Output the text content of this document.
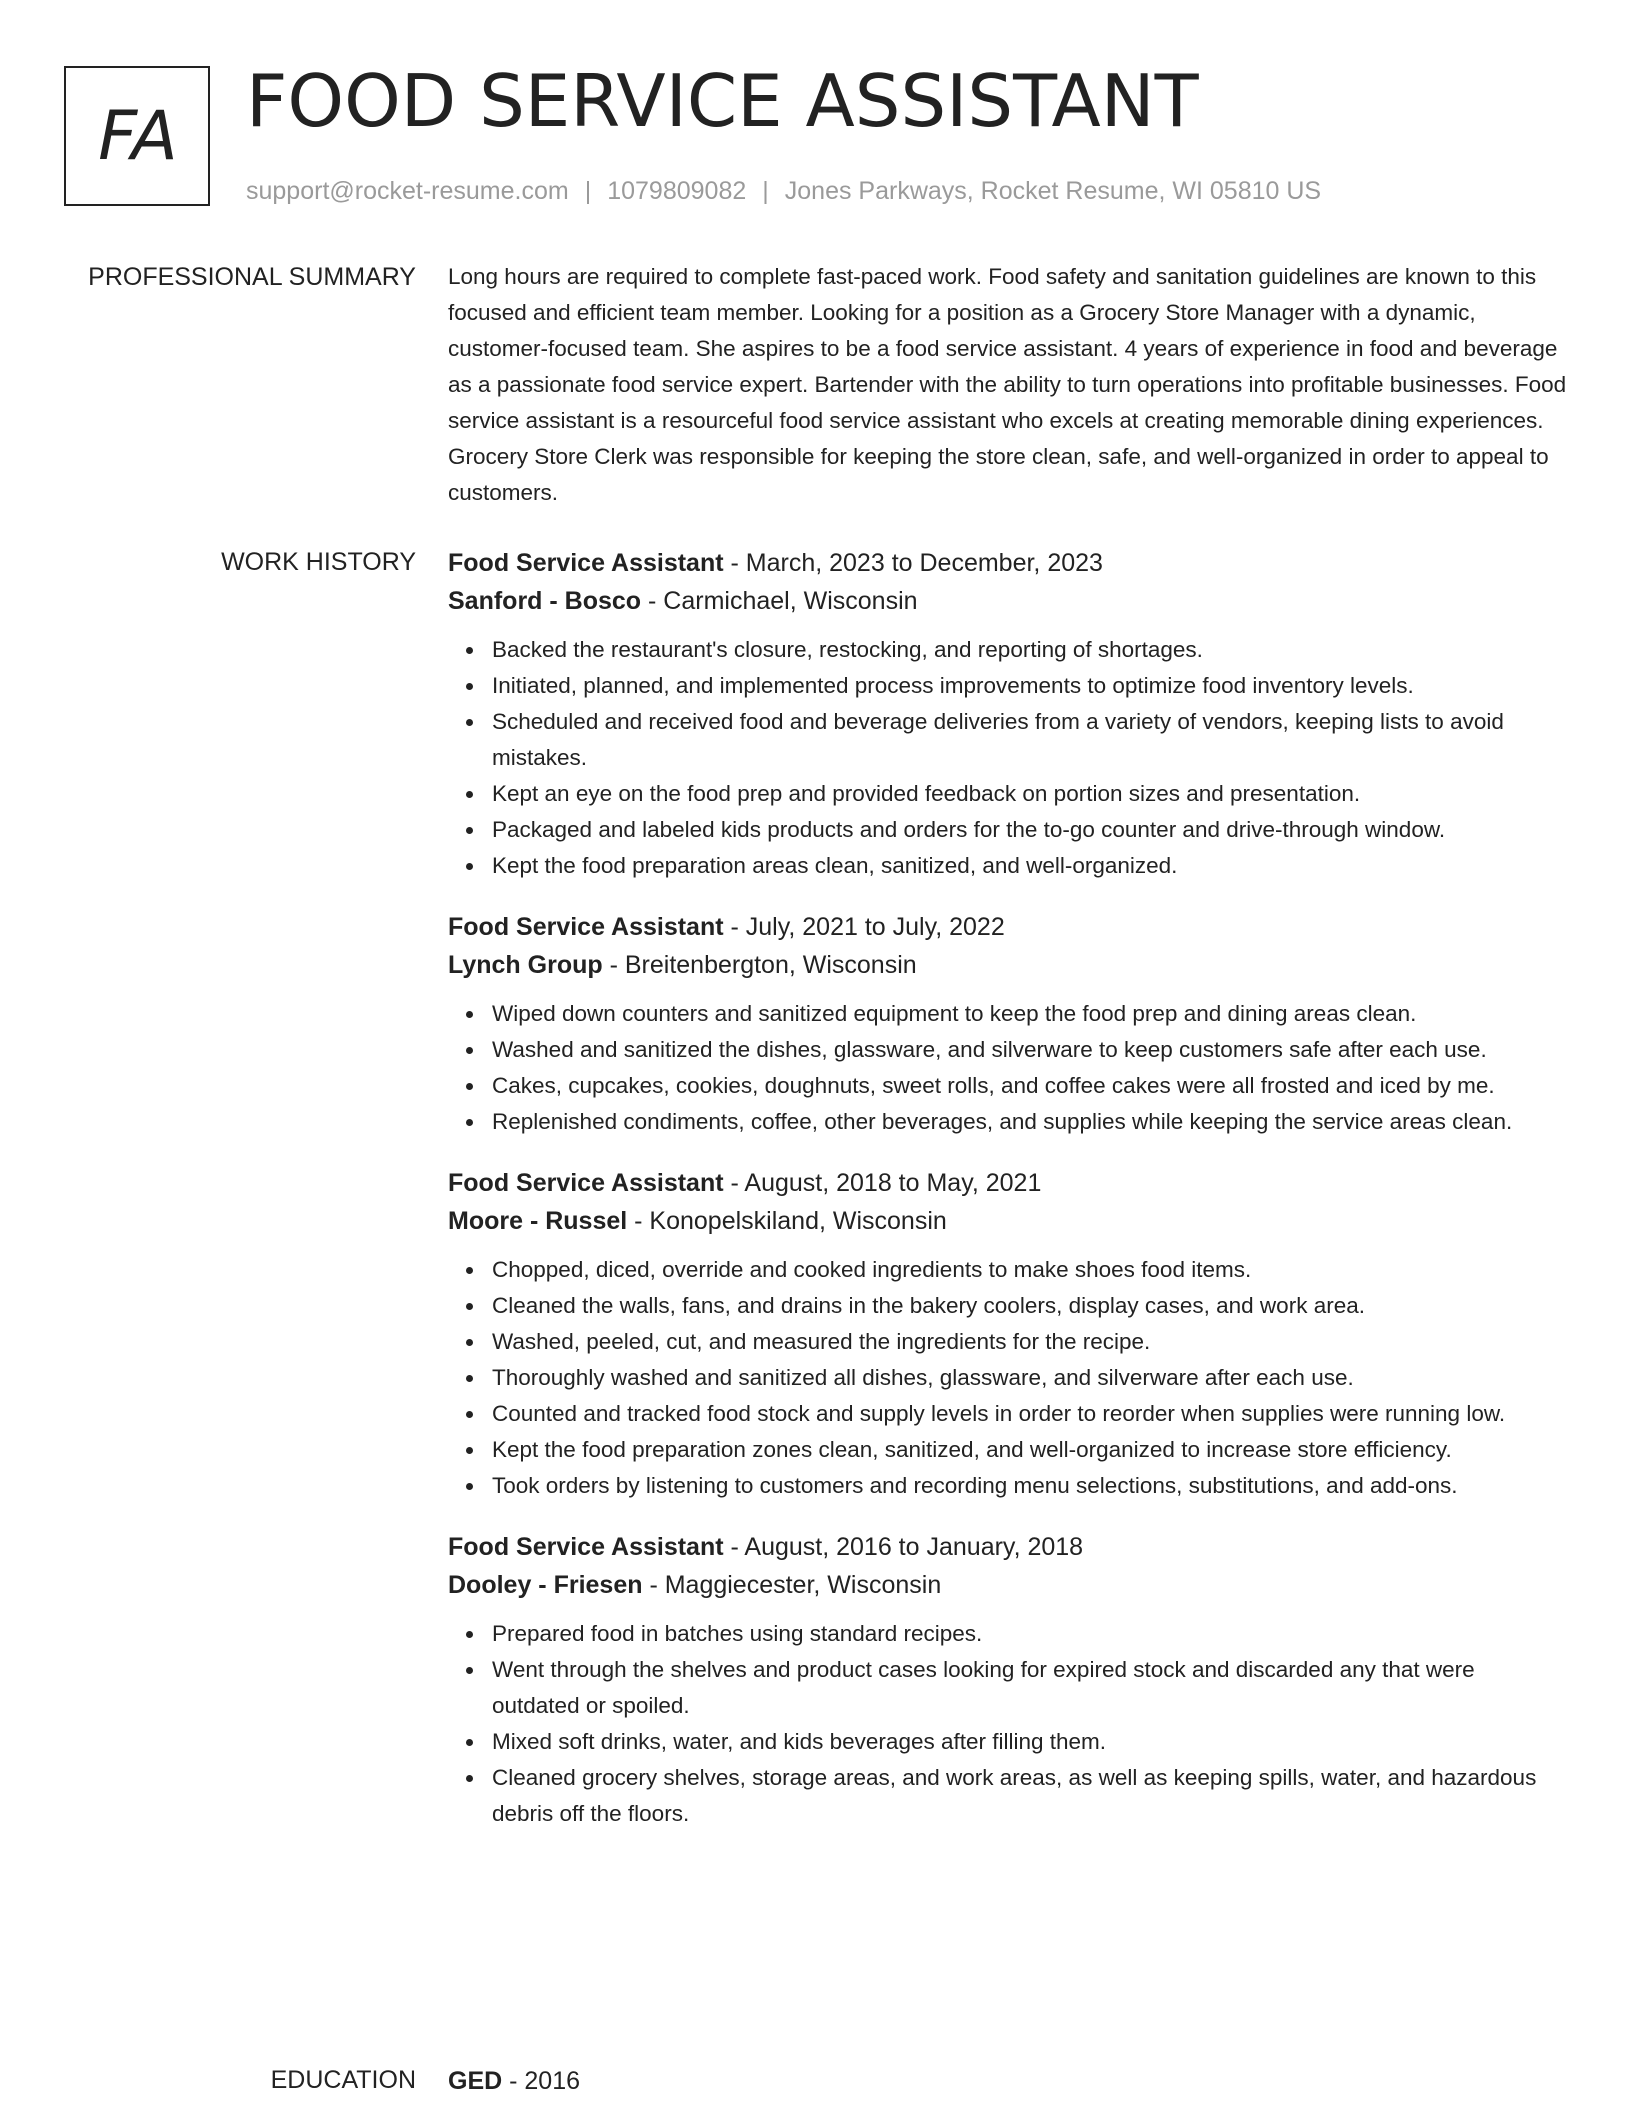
FA FOOD SERVICE ASSISTANT
support@rocket-resume.com | 1079809082 | Jones Parkways, Rocket Resume, WI 05810 US
PROFESSIONAL SUMMARY Long hours are required to complete fast-paced work. Food safety and sanitation guidelines are known to this focused and efficient team member. Looking for a position as a Grocery Store Manager with a dynamic, customer-focused team. She aspires to be a food service assistant. 4 years of experience in food and beverage as a passionate food service expert. Bartender with the ability to turn operations into profitable businesses. Food service assistant is a resourceful food service assistant who excels at creating memorable dining experiences. Grocery Store Clerk was responsible for keeping the store clean, safe, and well-organized in order to appeal to customers.

WORK HISTORY Food Service Assistant - March, 2023 to December, 2023
Sanford - Bosco - Carmichael, Wisconsin
Backed the restaurant's closure, restocking, and reporting of shortages.
Initiated, planned, and implemented process improvements to optimize food inventory levels.
Scheduled and received food and beverage deliveries from a variety of vendors, keeping lists to avoid mistakes.
Kept an eye on the food prep and provided feedback on portion sizes and presentation.
Packaged and labeled kids products and orders for the to-go counter and drive-through window.
Kept the food preparation areas clean, sanitized, and well-organized.
Food Service Assistant - July, 2021 to July, 2022
Lynch Group - Breitenbergton, Wisconsin
Wiped down counters and sanitized equipment to keep the food prep and dining areas clean.
Washed and sanitized the dishes, glassware, and silverware to keep customers safe after each use.
Cakes, cupcakes, cookies, doughnuts, sweet rolls, and coffee cakes were all frosted and iced by me.
Replenished condiments, coffee, other beverages, and supplies while keeping the service areas clean.
Food Service Assistant - August, 2018 to May, 2021
Moore - Russel - Konopelskiland, Wisconsin
Chopped, diced, override and cooked ingredients to make shoes food items.
Cleaned the walls, fans, and drains in the bakery coolers, display cases, and work area.
Washed, peeled, cut, and measured the ingredients for the recipe.
Thoroughly washed and sanitized all dishes, glassware, and silverware after each use.
Counted and tracked food stock and supply levels in order to reorder when supplies were running low.
Kept the food preparation zones clean, sanitized, and well-organized to increase store efficiency.
Took orders by listening to customers and recording menu selections, substitutions, and add-ons.
Food Service Assistant - August, 2016 to January, 2018
Dooley - Friesen - Maggiecester, Wisconsin
Prepared food in batches using standard recipes.
Went through the shelves and product cases looking for expired stock and discarded any that were outdated or spoiled.
Mixed soft drinks, water, and kids beverages after filling them.
Cleaned grocery shelves, storage areas, and work areas, as well as keeping spills, water, and hazardous debris off the floors.
EDUCATION GED - 2016
